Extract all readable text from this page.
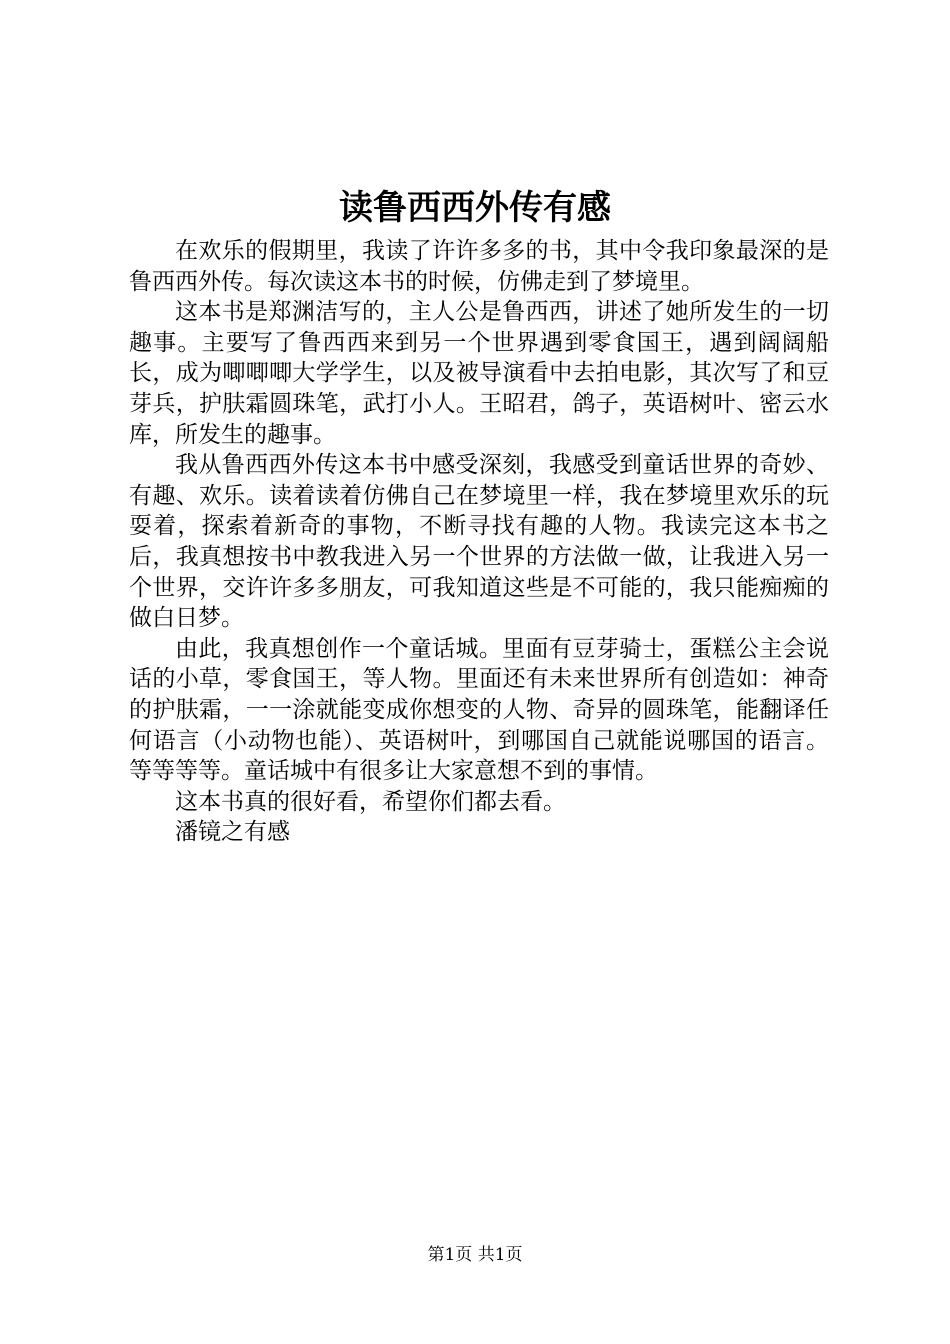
读鲁西西外传有感

在欢乐的假期里，我读了许许多多的书，其中令我印象最深的是鲁西西外传。每次读这本书的时候，仿佛走到了梦境里。

这本书是郑渊洁写的，主人公是鲁西西，讲述了她所发生的一切趣事。主要写了鲁西西来到另一个世界遇到零食国王，遇到阔阔船长，成为唧唧唧大学学生，以及被导演看中去拍电影，其次写了和豆芽兵，护肤霜圆珠笔，武打小人。王昭君，鸽子，英语树叶、密云水库，所发生的趣事。

我从鲁西西外传这本书中感受深刻，我感受到童话世界的奇妙、有趣、欢乐。读着读着仿佛自己在梦境里一样，我在梦境里欢乐的玩耍着，探索着新奇的事物，不断寻找有趣的人物。我读完这本书之后，我真想按书中教我进入另一个世界的方法做一做，让我进入另一个世界，交许许多多朋友，可我知道这些是不可能的，我只能痴痴的做白日梦。

由此，我真想创作一个童话城。里面有豆芽骑士，蛋糕公主会说话的小草，零食国王，等人物。里面还有未来世界所有创造如：神奇的护肤霜，一一涂就能变成你想变的人物、奇异的圆珠笔，能翻译任何语言（小动物也能）、英语树叶，到哪国自己就能说哪国的语言。等等等等。童话城中有很多让大家意想不到的事情。

这本书真的很好看，希望你们都去看。

潘镜之有感

第1页 共1页
